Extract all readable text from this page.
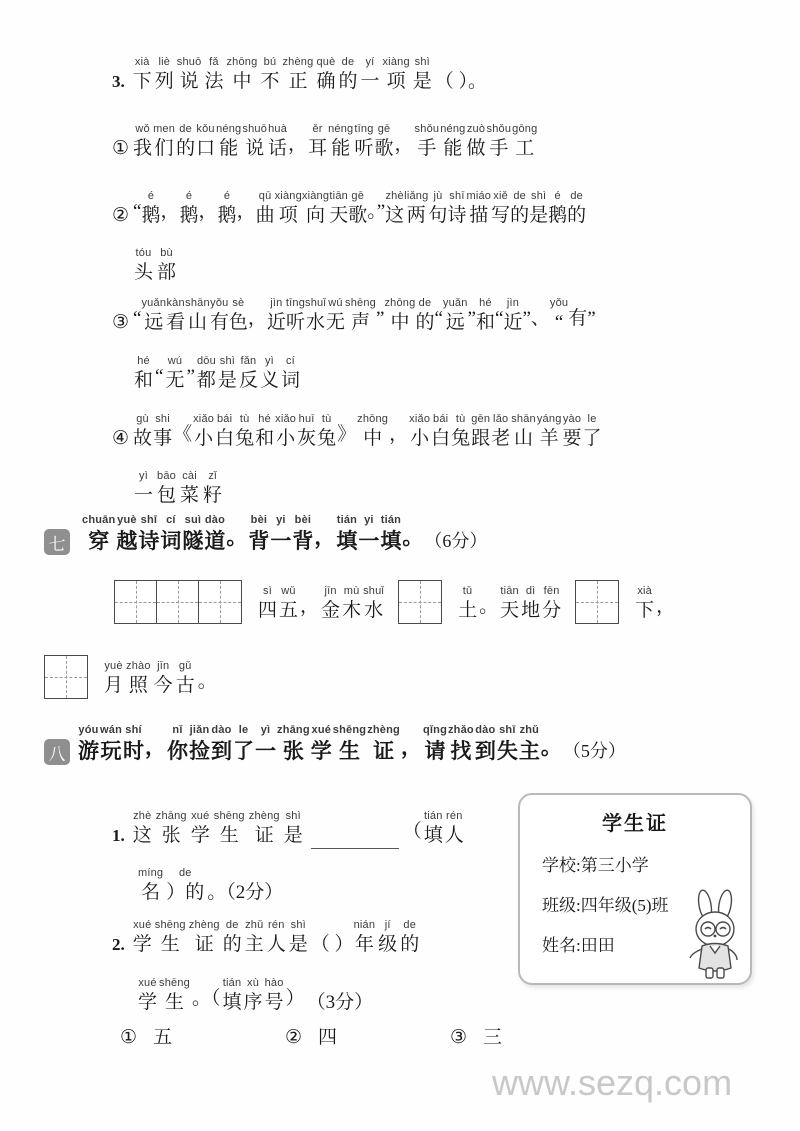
3.
xià
下
liè
列
shuō
说
fǎ
法
zhōng
中
bú
不
zhèng
正
què
确
de
的
yí
一
xiàng
项
shì
是 （ ）。
①
wǒ
我
men
们
de
的
kǒu
口
néng
能
shuō
说
huà
话 ，
ěr
耳
néng
能
tīng
听
gē
歌 ，
shǒu
手
néng
能
zuò
做
shǒu
手
gōng
工
② “
é
鹅 ，
é
鹅 ，
é
鹅 ，
qū
曲
xiàng
项
xiàng
向
tiān
天
gē
歌 。”
zhè
这
liǎng
两
jù
句
shī
诗
miáo
描
xiě
写
de
的
shì
是
é
鹅
de
的
tóu
头
bù
部
③ “
yuǎn
远
kàn
看
shān
山
yǒu
有
sè
色 ，
jìn
近
tīng
听
shuǐ
水
wú
无
shēng
声 ”
zhōng
中
de
的 “
yuǎn
远 ”
hé
和 “
jìn
近 ” 、
yǒu
“ 有 ”
hé
和 “
wú
无 ”
dōu
都
shì
是
fǎn
反
yì
义
cí
词
④
gù
故
shi
事 《
xiǎo
小
bái
白
tù
兔
hé
和
xiǎo
小
huī
灰
tù
兔 》
zhōng
中 ，
xiǎo
小
bái
白
tù
兔
gēn
跟
lǎo
老
shān
山
yáng
羊
yào
要
le
了
yì
一
bāo
包
cài
菜
zǐ
籽
七
chuān
穿
yuè
越
shī
诗
cí
词
suì
隧
dào
道 。
bèi
背
yi
一
bèi
背 ，
tián
填
yi
一
tián
填 。 （6分）
sì
四
wǔ
五 ，
jīn
金
mù
木
shuǐ
水
tǔ
土 。
tiān
天
dì
地
fēn
分
xià
下 ，
yuè
月
zhào
照
jīn
今
gǔ
古 。
八
yóu
游
wán
玩
shí
时 ，
nǐ
你
jiǎn
捡
dào
到
le
了
yì
一
zhāng
张
xué
学
shēng
生
zhèng
证 ，
qǐng
请
zhǎo
找
dào
到
shī
失
zhǔ
主 。 （5分）
1.
zhè
这
zhāng
张
xué
学
shēng
生
zhèng
证
shì
是	（
tián
填
rén
人
míng
名
de
）的 。（2分）
2.
xué
学
shēng
生
zhèng
证
de
的
zhǔ
主
rén
人
shì
是 （ ）
nián
年
jí
级
de
的
xué
学
shēng
生 。（
tián
填
xù
序
hào
号 ） （3分）
① 五	② 四	③ 三
学生证
学校:第三小学
班级:四年级(5)班
姓名:田田
www.sezq.com
